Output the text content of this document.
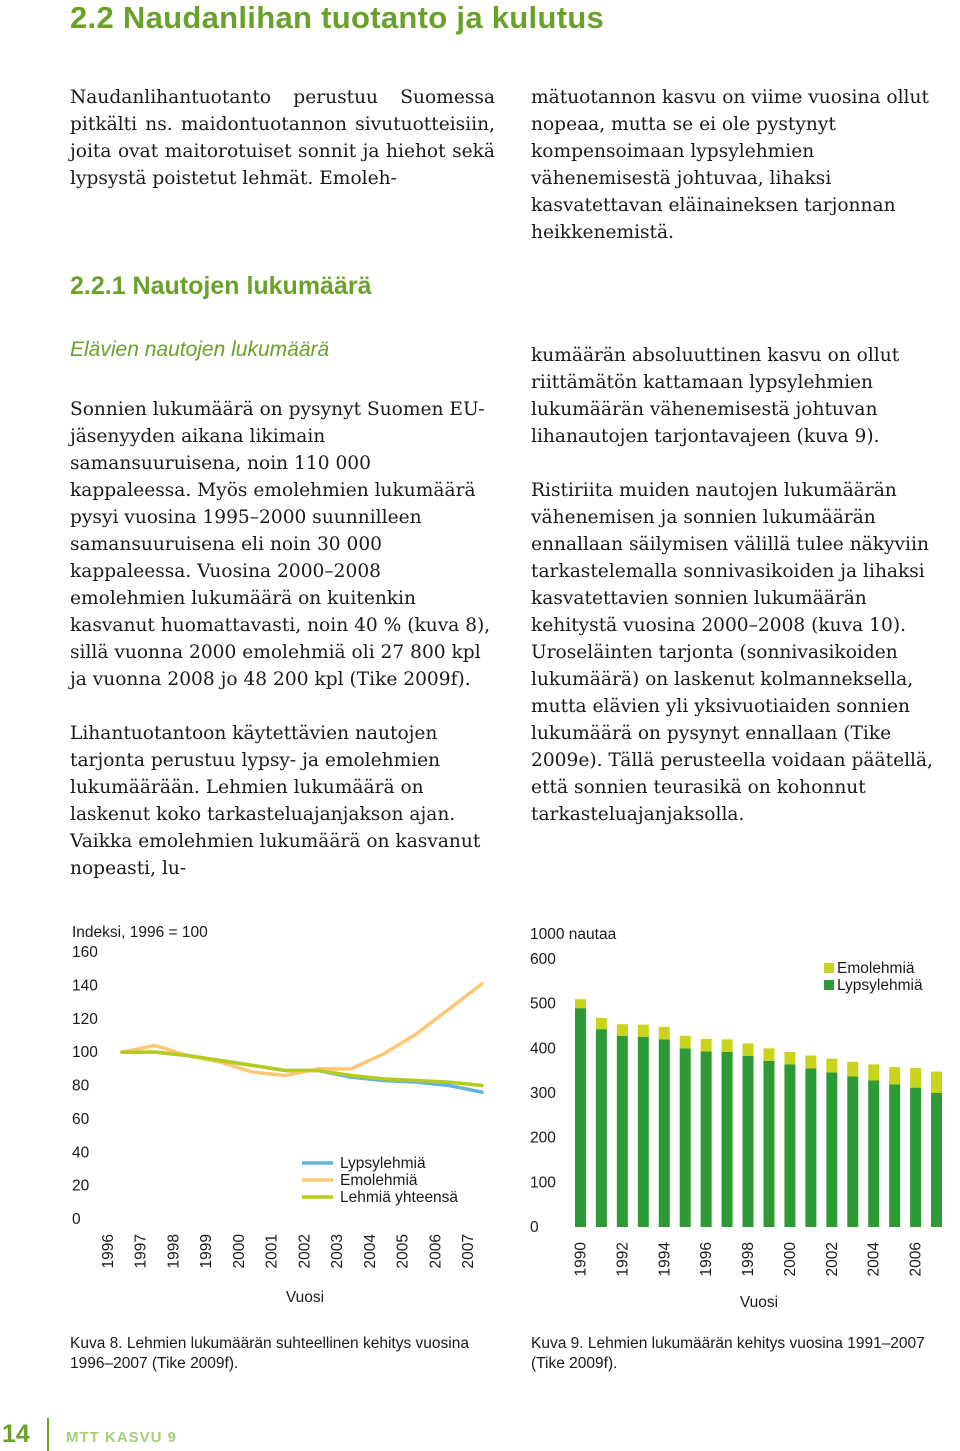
2.2 Naudanlihan tuotanto ja kulutus

Naudanlihantuotanto perustuu Suomessa pitkälti ns. maidontuotannon sivutuotteisiin, joita ovat maitorotuiset sonnit ja hiehot sekä lypsystä poistetut lehmät. Emoleh-

mätuotannon kasvu on viime vuosina ollut nopeaa, mutta se ei ole pystynyt kompensoimaan lypsylehmien vähenemisestä johtuvaa, lihaksi kasvatettavan eläinaineksen tarjonnan heikkenemistä.

2.2.1 Nautojen lukumäärä

Elävien nautojen lukumäärä

Sonnien lukumäärä on pysynyt Suomen EU-jäsenyyden aikana likimain samansuuruisena, noin 110 000 kappaleessa. Myös emolehmien lukumäärä pysyi vuosina 1995–2000 suunnilleen samansuuruisena eli noin 30 000 kappaleessa. Vuosina 2000–2008 emolehmien lukumäärä on kuitenkin kasvanut huomattavasti, noin 40 % (kuva 8), sillä vuonna 2000 emolehmiä oli 27 800 kpl ja vuonna 2008 jo 48 200 kpl (Tike 2009f).

Lihantuotantoon käytettävien nautojen tarjonta perustuu lypsy- ja emolehmien lukumäärään. Lehmien lukumäärä on laskenut koko tarkasteluajanjakson ajan. Vaikka emolehmien lukumäärä on kasvanut nopeasti, lu-

kumäärän absoluuttinen kasvu on ollut riittämätön kattamaan lypsylehmien lukumäärän vähenemisestä johtuvan lihanautojen tarjontavajeen (kuva 9).

Ristiriita muiden nautojen lukumäärän vähenemisen ja sonnien lukumäärän ennallaan säilymisen välillä tulee näkyviin tarkastelemalla sonnivasikoiden ja lihaksi kasvatettavien sonnien lukumäärän kehitystä vuosina 2000–2008 (kuva 10). Uroseläinten tarjonta (sonnivasikoiden lukumäärä) on laskenut kolmanneksella, mutta elävien yli yksivuotiaiden sonnien lukumäärä on pysynyt ennallaan (Tike 2009e). Tällä perusteella voidaan päätellä, että sonnien teurasikä on kohonnut tarkasteluajanjaksolla.

Indeksi, 1996 = 100
0
20
40
60
80
100
120
140
160
1996 1997 1998 1999 2000 2001 2002 2003 2004 2005 2006 2007
Vuosi
Lypsylehmiä
Emolehmiä
Lehmiä yhteensä
1000 nautaa
0
100
200
300
400
500
600
1990 1992 1994 1996 1998 2000 2002 2004 2006
Vuosi
Emolehmiä
Lypsylehmiä

Kuva 8. Lehmien lukumäärän suhteellinen kehitys vuosina 1996–2007 (Tike 2009f).

Kuva 9. Lehmien lukumäärän kehitys vuosina 1991–2007 (Tike 2009f).

14 MTT KASVU 9
